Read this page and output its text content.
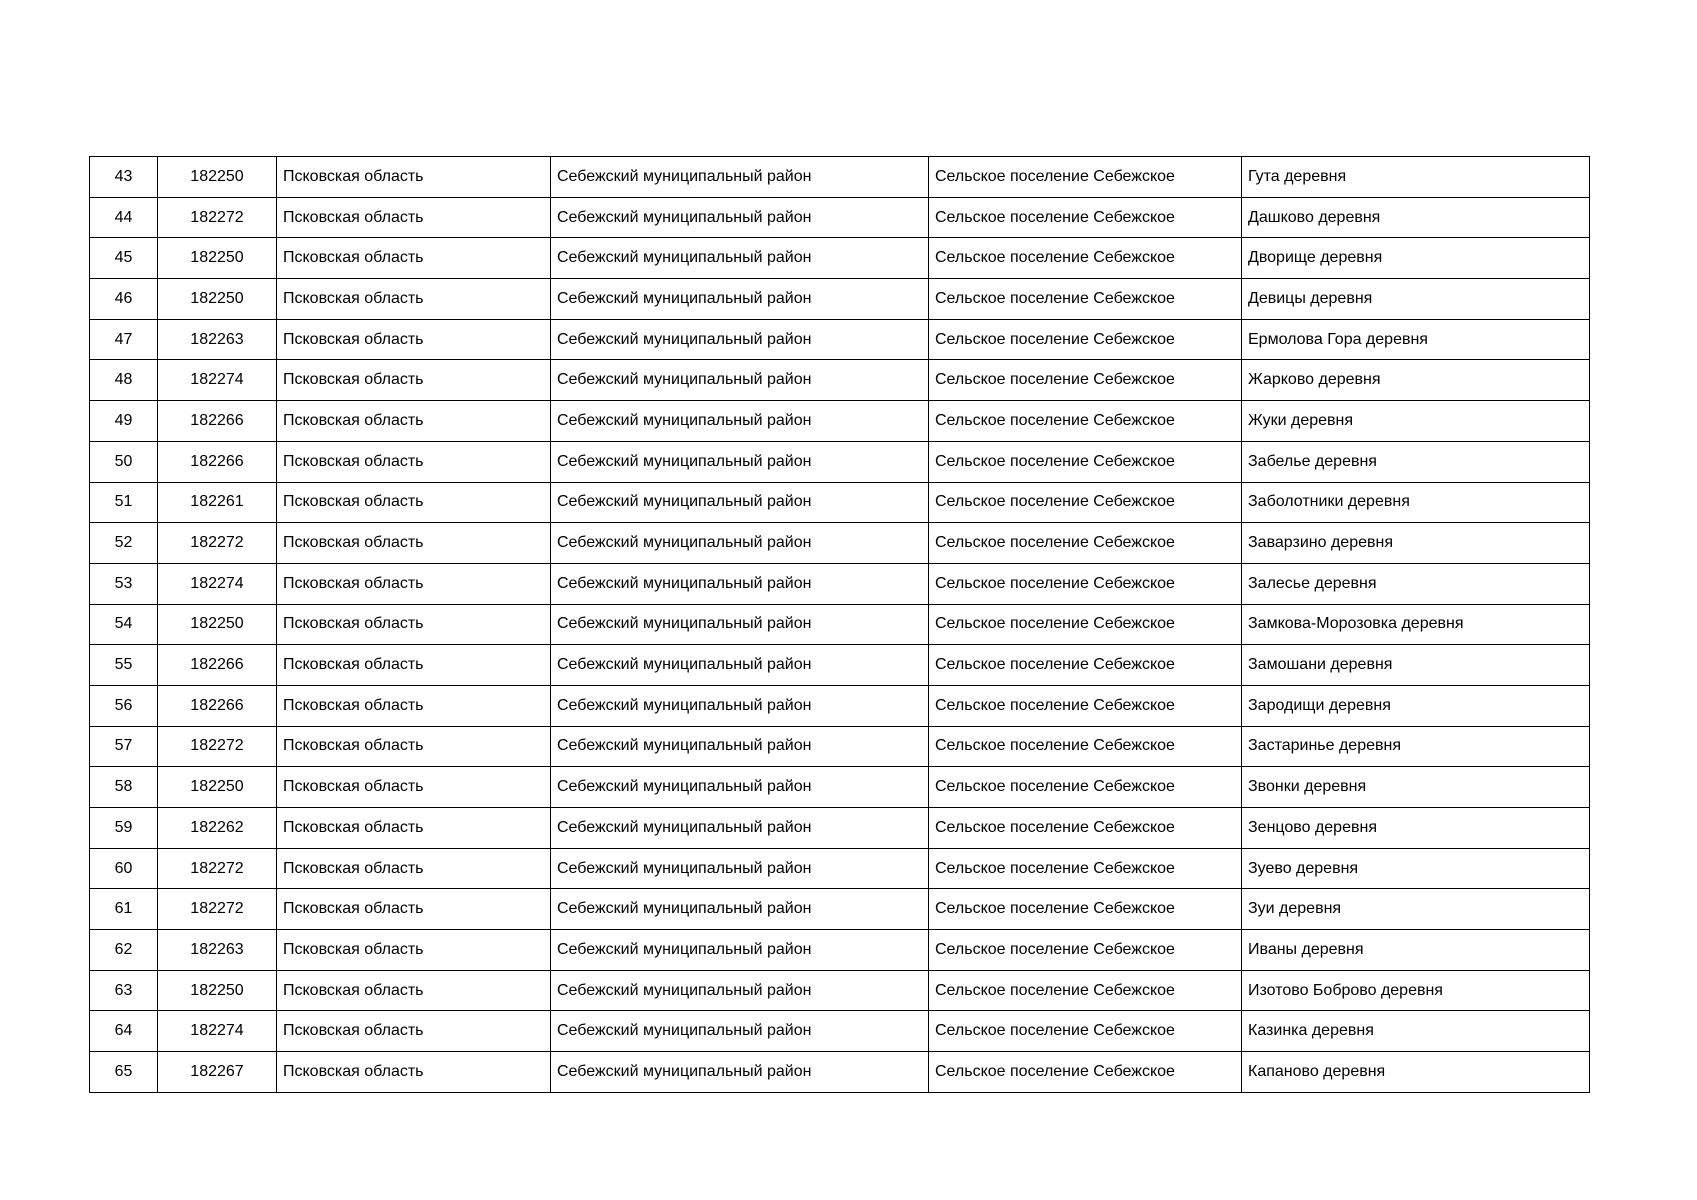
43	182250	Псковская область	Себежский муниципальный район	Сельское поселение Себежское	Гута деревня
44	182272	Псковская область	Себежский муниципальный район	Сельское поселение Себежское	Дашково деревня
45	182250	Псковская область	Себежский муниципальный район	Сельское поселение Себежское	Дворище деревня
46	182250	Псковская область	Себежский муниципальный район	Сельское поселение Себежское	Девицы деревня
47	182263	Псковская область	Себежский муниципальный район	Сельское поселение Себежское	Ермолова Гора деревня
48	182274	Псковская область	Себежский муниципальный район	Сельское поселение Себежское	Жарково деревня
49	182266	Псковская область	Себежский муниципальный район	Сельское поселение Себежское	Жуки деревня
50	182266	Псковская область	Себежский муниципальный район	Сельское поселение Себежское	Забелье деревня
51	182261	Псковская область	Себежский муниципальный район	Сельское поселение Себежское	Заболотники деревня
52	182272	Псковская область	Себежский муниципальный район	Сельское поселение Себежское	Заварзино деревня
53	182274	Псковская область	Себежский муниципальный район	Сельское поселение Себежское	Залесье деревня
54	182250	Псковская область	Себежский муниципальный район	Сельское поселение Себежское	Замкова-Морозовка деревня
55	182266	Псковская область	Себежский муниципальный район	Сельское поселение Себежское	Замошани деревня
56	182266	Псковская область	Себежский муниципальный район	Сельское поселение Себежское	Зародищи деревня
57	182272	Псковская область	Себежский муниципальный район	Сельское поселение Себежское	Застаринье деревня
58	182250	Псковская область	Себежский муниципальный район	Сельское поселение Себежское	Звонки деревня
59	182262	Псковская область	Себежский муниципальный район	Сельское поселение Себежское	Зенцово деревня
60	182272	Псковская область	Себежский муниципальный район	Сельское поселение Себежское	Зуево деревня
61	182272	Псковская область	Себежский муниципальный район	Сельское поселение Себежское	Зуи деревня
62	182263	Псковская область	Себежский муниципальный район	Сельское поселение Себежское	Иваны деревня
63	182250	Псковская область	Себежский муниципальный район	Сельское поселение Себежское	Изотово Боброво деревня
64	182274	Псковская область	Себежский муниципальный район	Сельское поселение Себежское	Казинка деревня
65	182267	Псковская область	Себежский муниципальный район	Сельское поселение Себежское	Капаново деревня
